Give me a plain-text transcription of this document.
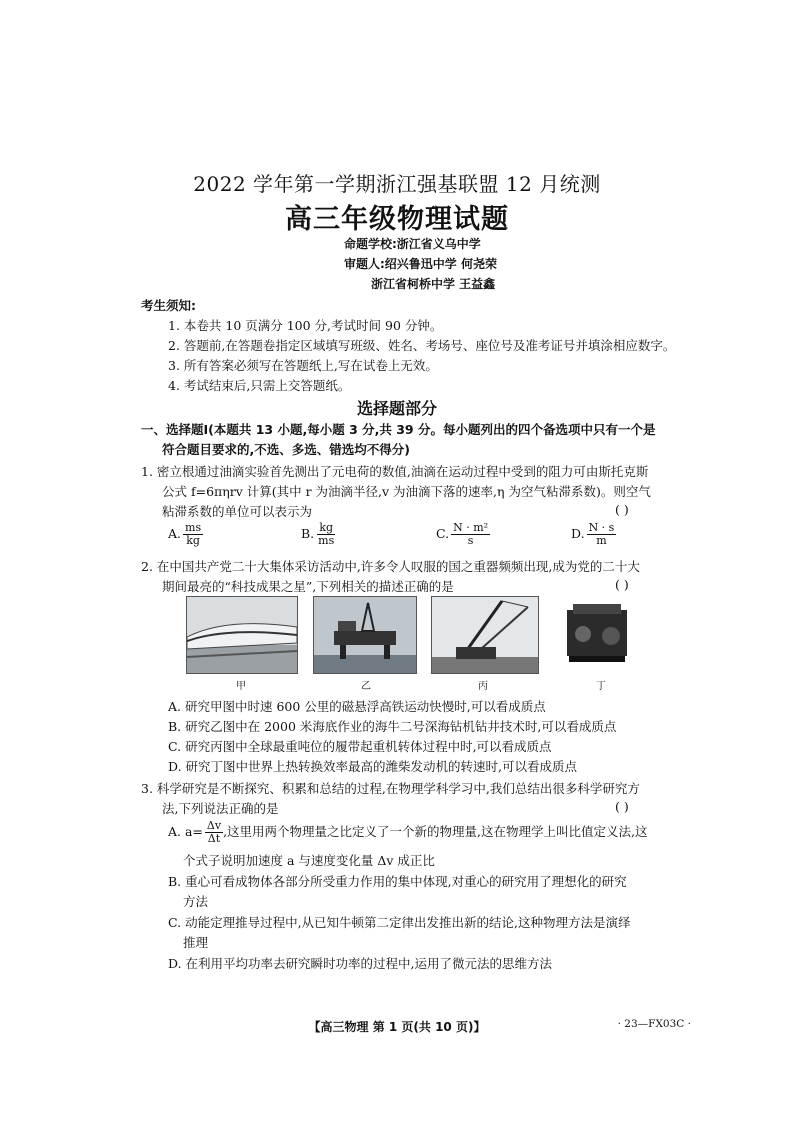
2022 学年第一学期浙江强基联盟 12 月统测
高三年级物理试题
命题学校:浙江省义乌中学
审题人:绍兴鲁迅中学 何尧荣
浙江省柯桥中学 王益鑫
考生须知:
1. 本卷共 10 页满分 100 分,考试时间 90 分钟。
2. 答题前,在答题卷指定区域填写班级、姓名、考场号、座位号及准考证号并填涂相应数字。
3. 所有答案必须写在答题纸上,写在试卷上无效。
4. 考试结束后,只需上交答题纸。
选择题部分
一、选择题Ⅰ(本题共 13 小题,每小题 3 分,共 39 分。每小题列出的四个备选项中只有一个是
符合题目要求的,不选、多选、错选均不得分)
1. 密立根通过油滴实验首先测出了元电荷的数值,油滴在运动过程中受到的阻力可由斯托克斯
公式 f=6πηrv 计算(其中 r 为油滴半径,v 为油滴下落的速率,η 为空气粘滞系数)。则空气
粘滞系数的单位可以表示为	( )
A. $\frac{ms}{kg}$	B. $\frac{kg}{ms}$	C. $\frac{\text{N · m²}}{s}$	D. $\frac{N \cdot s}{m}$
2. 在中国共产党二十大集体采访活动中,许多令人叹服的国之重器频频出现,成为党的二十大
期间最亮的“科技成果之星”,下列相关的描述正确的是	( )
甲	乙	丙	丁
A. 研究甲图中时速 600 公里的磁悬浮高铁运动快慢时,可以看成质点
B. 研究乙图中在 2000 米海底作业的海牛二号深海钻机钻井技术时,可以看成质点
C. 研究丙图中全球最重吨位的履带起重机转体过程中时,可以看成质点
D. 研究丁图中世界上热转换效率最高的潍柴发动机的转速时,可以看成质点
3. 科学研究是不断探究、积累和总结的过程,在物理学科学习中,我们总结出很多科学研究方
法,下列说法正确的是	( )
A. $a= \frac{\Delta v}{\Delta t}$ ,这里用两个物理量之比定义了一个新的物理量,这在物理学上叫比值定义法,这
个式子说明加速度 a 与速度变化量 Δv 成正比
B. 重心可看成物体各部分所受重力作用的集中体现,对重心的研究用了理想化的研究
方法
C. 动能定理推导过程中,从已知牛顿第二定律出发推出新的结论,这种物理方法是演绎
推理
D. 在利用平均功率去研究瞬时功率的过程中,运用了微元法的思维方法
【高三物理 第 1 页(共 10 页)】	· 23—FX03C ·
